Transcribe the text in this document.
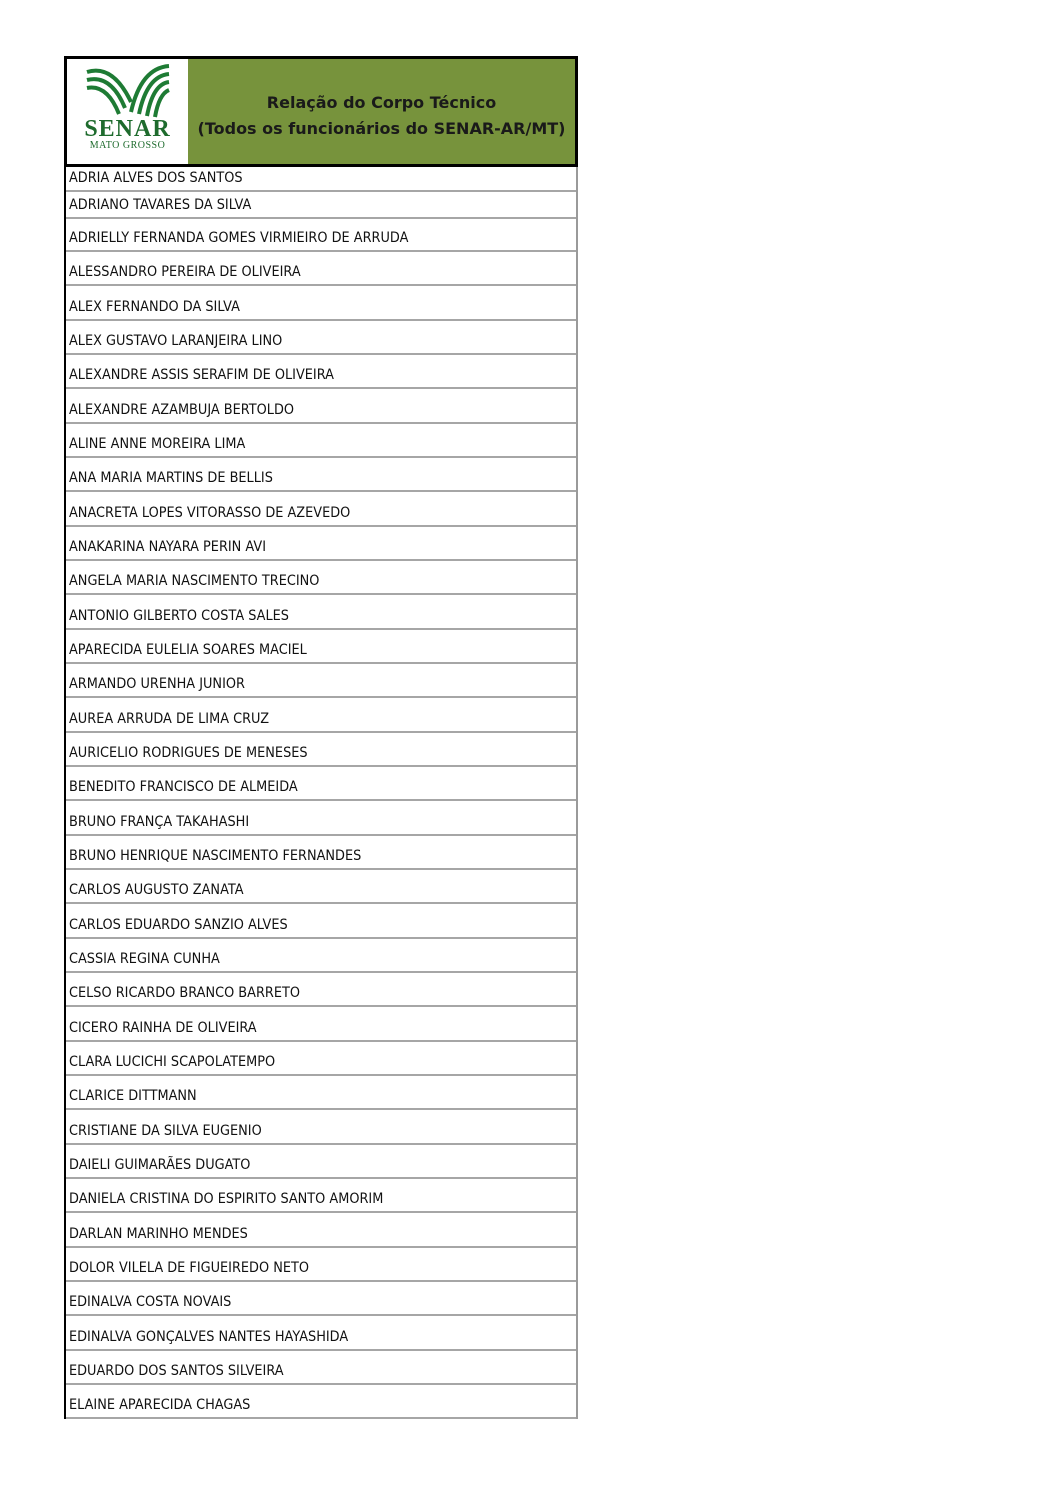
SENAR
MATO GROSSO
Relação do Corpo Técnico
(Todos os funcionários do SENAR-AR/MT)
ADRIA ALVES DOS SANTOS
ADRIANO TAVARES DA SILVA
ADRIELLY FERNANDA GOMES VIRMIEIRO DE ARRUDA
ALESSANDRO PEREIRA DE OLIVEIRA
ALEX FERNANDO DA SILVA
ALEX GUSTAVO LARANJEIRA LINO
ALEXANDRE ASSIS SERAFIM DE OLIVEIRA
ALEXANDRE AZAMBUJA BERTOLDO
ALINE ANNE MOREIRA LIMA
ANA MARIA MARTINS DE BELLIS
ANACRETA LOPES VITORASSO DE AZEVEDO
ANAKARINA NAYARA PERIN AVI
ANGELA MARIA NASCIMENTO TRECINO
ANTONIO GILBERTO COSTA SALES
APARECIDA EULELIA SOARES MACIEL
ARMANDO URENHA JUNIOR
AUREA ARRUDA DE LIMA CRUZ
AURICELIO RODRIGUES DE MENESES
BENEDITO FRANCISCO DE ALMEIDA
BRUNO FRANÇA TAKAHASHI
BRUNO HENRIQUE NASCIMENTO FERNANDES
CARLOS AUGUSTO ZANATA
CARLOS EDUARDO SANZIO ALVES
CASSIA REGINA CUNHA
CELSO RICARDO BRANCO BARRETO
CICERO RAINHA DE OLIVEIRA
CLARA LUCICHI SCAPOLATEMPO
CLARICE DITTMANN
CRISTIANE DA SILVA EUGENIO
DAIELI GUIMARÃES DUGATO
DANIELA CRISTINA DO ESPIRITO SANTO AMORIM
DARLAN MARINHO MENDES
DOLOR VILELA DE FIGUEIREDO NETO
EDINALVA COSTA NOVAIS
EDINALVA GONÇALVES NANTES HAYASHIDA
EDUARDO DOS SANTOS SILVEIRA
ELAINE APARECIDA CHAGAS
